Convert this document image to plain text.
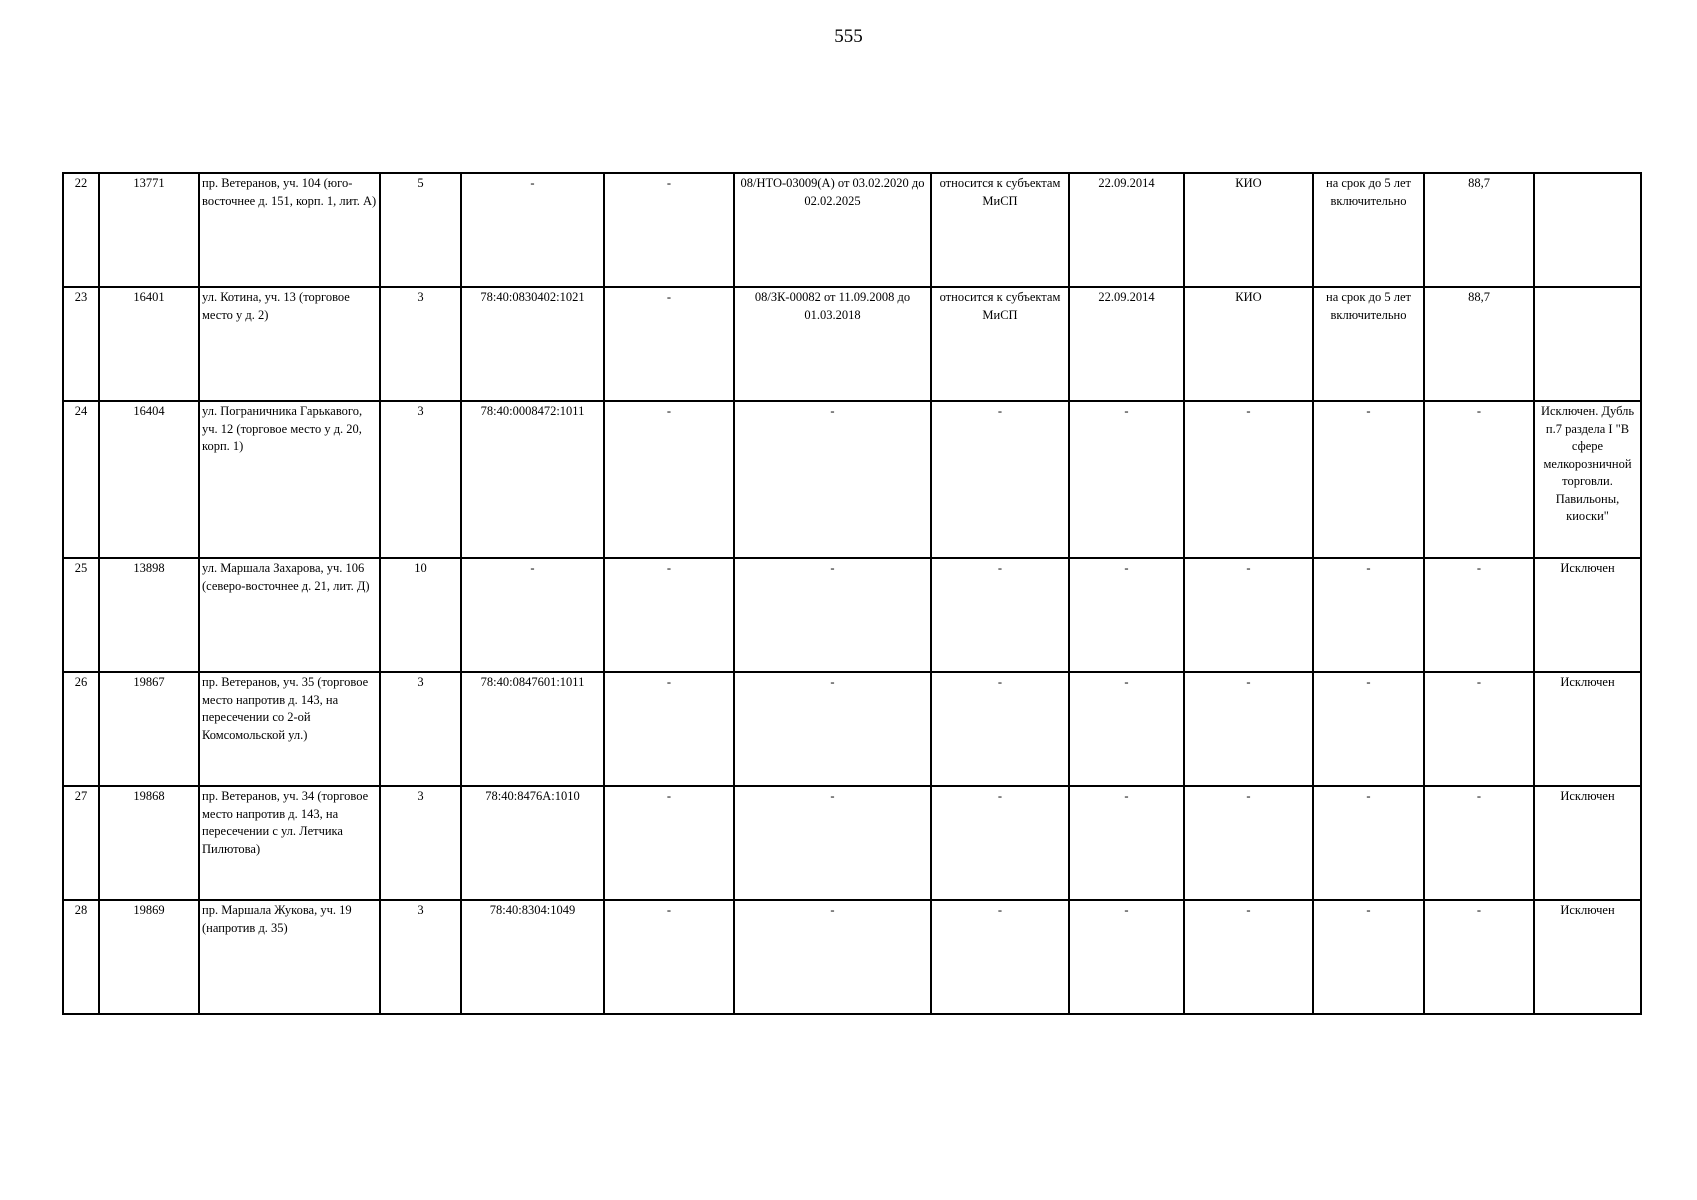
555
22	13771	пр. Ветеранов, уч. 104 (юго-восточнее д. 151, корп. 1, лит. А)	5	-	-	08/НТО-03009(А) от 03.02.2020 до 02.02.2025	относится к субъектам МиСП	22.09.2014	КИО	на срок до 5 лет включительно	88,7	
23	16401	ул. Котина, уч. 13 (торговое место у д. 2)	3	78:40:0830402:1021	-	08/ЗК-00082 от 11.09.2008 до 01.03.2018	относится к субъектам МиСП	22.09.2014	КИО	на срок до 5 лет включительно	88,7	
24	16404	ул. Пограничника Гарькавого, уч. 12 (торговое место у д. 20, корп. 1)	3	78:40:0008472:1011	-	-	-	-	-	-	-	Исключен. Дубль п.7 раздела I "В сфере мелкорозничной торговли. Павильоны, киоски"
25	13898	ул. Маршала Захарова, уч. 106 (северо-восточнее д. 21, лит. Д)	10	-	-	-	-	-	-	-	-	Исключен
26	19867	пр. Ветеранов, уч. 35 (торговое место напротив д. 143, на пересечении со 2-ой Комсомольской ул.)	3	78:40:0847601:1011	-	-	-	-	-	-	-	Исключен
27	19868	пр. Ветеранов, уч. 34 (торговое место напротив д. 143, на пересечении с ул. Летчика Пилютова)	3	78:40:8476А:1010	-	-	-	-	-	-	-	Исключен
28	19869	пр. Маршала Жукова, уч. 19 (напротив д. 35)	3	78:40:8304:1049	-	-	-	-	-	-	-	Исключен
